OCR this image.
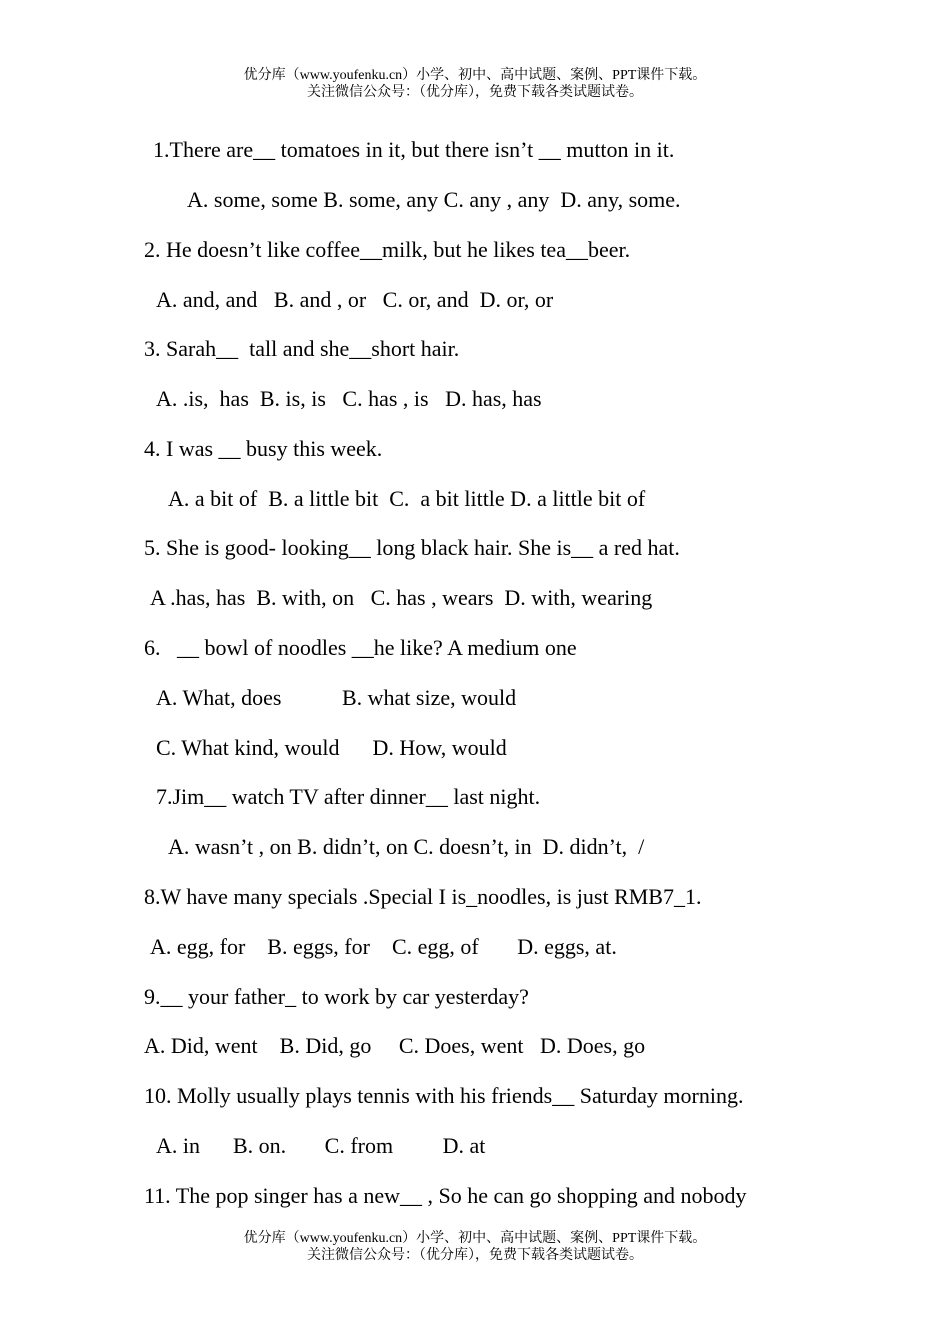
优分库（www.youfenku.cn）小学、初中、高中试题、案例、PPT课件下载。
关注微信公众号：（优分库），免费下载各类试题试卷。
1.There are__ tomatoes in it, but there isn’t __ mutton in it.
A. some, some B. some, any C. any , any  D. any, some.
2. He doesn’t like coffee__milk, but he likes tea__beer.
A. and, and   B. and , or   C. or, and  D. or, or
3. Sarah__  tall and she__short hair.
A. .is,  has  B. is, is   C. has , is   D. has, has
4. I was __ busy this week.
A. a bit of  B. a little bit  C.  a bit little D. a little bit of
5. She is good- looking__ long black hair. She is__ a red hat.
A .has, has  B. with, on   C. has , wears  D. with, wearing
6.   __ bowl of noodles __he like? A medium one
A. What, does           B. what size, would
C. What kind, would      D. How, would
7.Jim__ watch TV after dinner__ last night.
A. wasn’t , on B. didn’t, on C. doesn’t, in  D. didn’t,  /
8.W have many specials .Special I is_noodles, is just RMB7_1.
A. egg, for    B. eggs, for    C. egg, of       D. eggs, at.
9.__ your father_ to work by car yesterday?
A. Did, went    B. Did, go     C. Does, went   D. Does, go
10. Molly usually plays tennis with his friends__ Saturday morning.
A. in      B. on.       C. from         D. at
11. The pop singer has a new__ , So he can go shopping and nobody
优分库（www.youfenku.cn）小学、初中、高中试题、案例、PPT课件下载。
关注微信公众号：（优分库），免费下载各类试题试卷。
